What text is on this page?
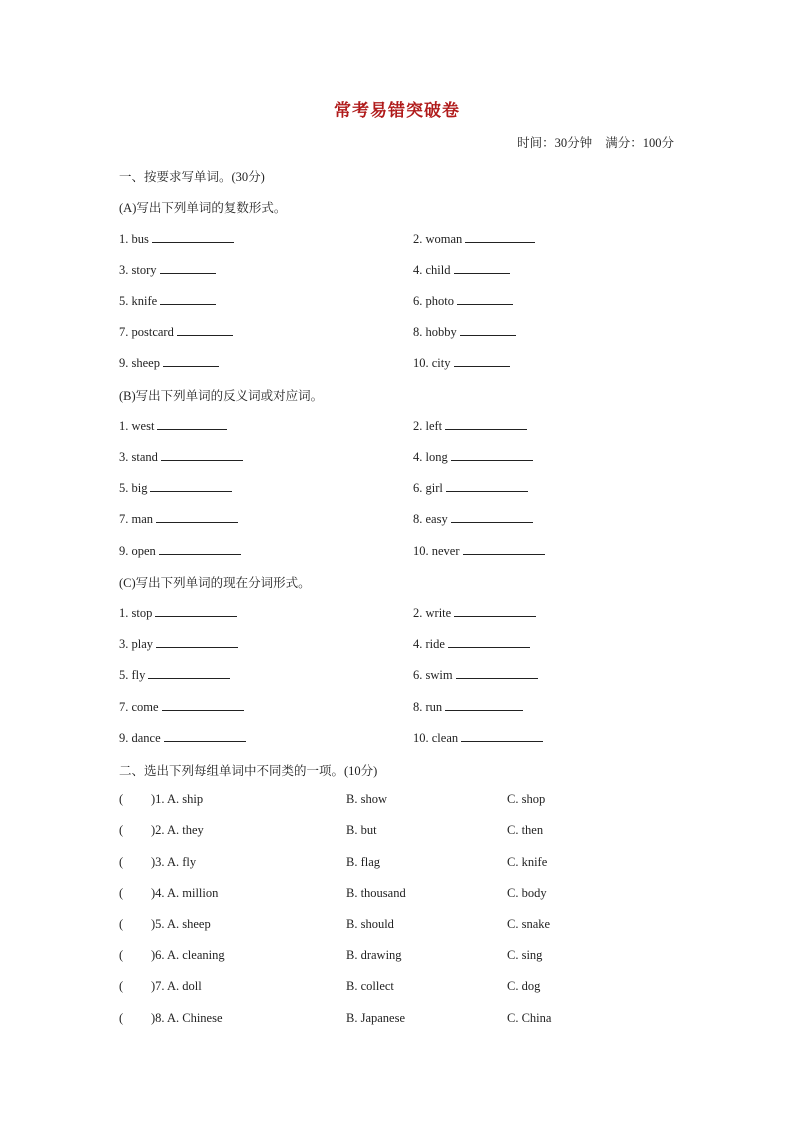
常考易错突破卷
时间：30分钟 满分：100分
一、按要求写单词。(30分)
(A)写出下列单词的复数形式。
1. bus	2. woman
3. story	4. child
5. knife	6. photo
7. postcard	8. hobby
9. sheep	10. city
(B)写出下列单词的反义词或对应词。
1. west	2. left
3. stand	4. long
5. big	6. girl
7. man	8. easy
9. open	10. never
(C)写出下列单词的现在分词形式。
1. stop	2. write
3. play	4. ride
5. fly	6. swim
7. come	8. run
9. dance	10. clean
二、选出下列每组单词中不同类的一项。(10分)
( )1. A. ship	B. show	C. shop
( )2. A. they	B. but	C. then
( )3. A. fly	B. flag	C. knife
( )4. A. million	B. thousand	C. body
( )5. A. sheep	B. should	C. snake
( )6. A. cleaning	B. drawing	C. sing
( )7. A. doll	B. collect	C. dog
( )8. A. Chinese	B. Japanese	C. China
